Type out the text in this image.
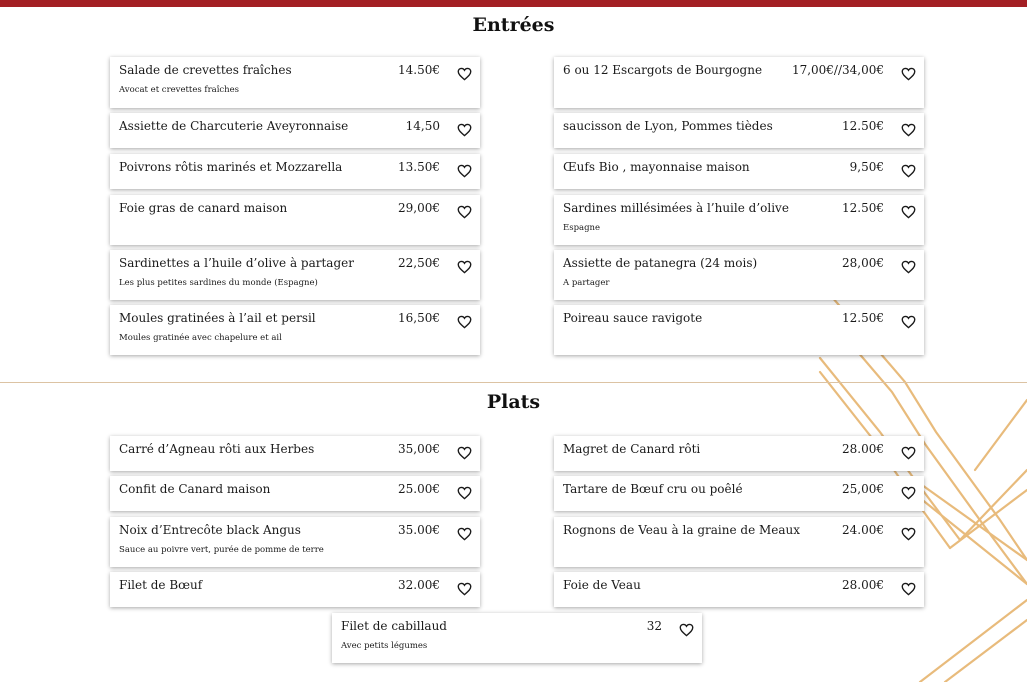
Entrées
Plats
Salade de crevettes fraîches
Avocat et crevettes fraîches
14.50€	6 ou 12 Escargots de Bourgogne	17,00€//34,00€
Assiette de Charcuterie Aveyronnaise	14,50	saucisson de Lyon, Pommes tièdes	12.50€
Poivrons rôtis marinés et Mozzarella	13.50€	Œufs Bio , mayonnaise maison	9,50€
Foie gras de canard maison	29,00€	Sardines millésimées à l’huile d’olive
Espagne
12.50€
Sardinettes a l’huile d’olive à partager
Les plus petites sardines du monde (Espagne)
22,50€	Assiette de patanegra (24 mois)
A partager
28,00€
Moules gratinées à l’ail et persil
Moules gratinée avec chapelure et ail
16,50€	Poireau sauce ravigote	12.50€
Carré d’Agneau rôti aux Herbes	35,00€	Magret de Canard rôti	28.00€
Confit de Canard maison	25.00€	Tartare de Bœuf cru ou poêlé	25,00€
Noix d’Entrecôte black Angus
Sauce au poivre vert, purée de pomme de terre
35.00€	Rognons de Veau à la graine de Meaux	24.00€
Filet de Bœuf	32.00€	Foie de Veau	28.00€
Filet de cabillaud
Avec petits légumes
32
